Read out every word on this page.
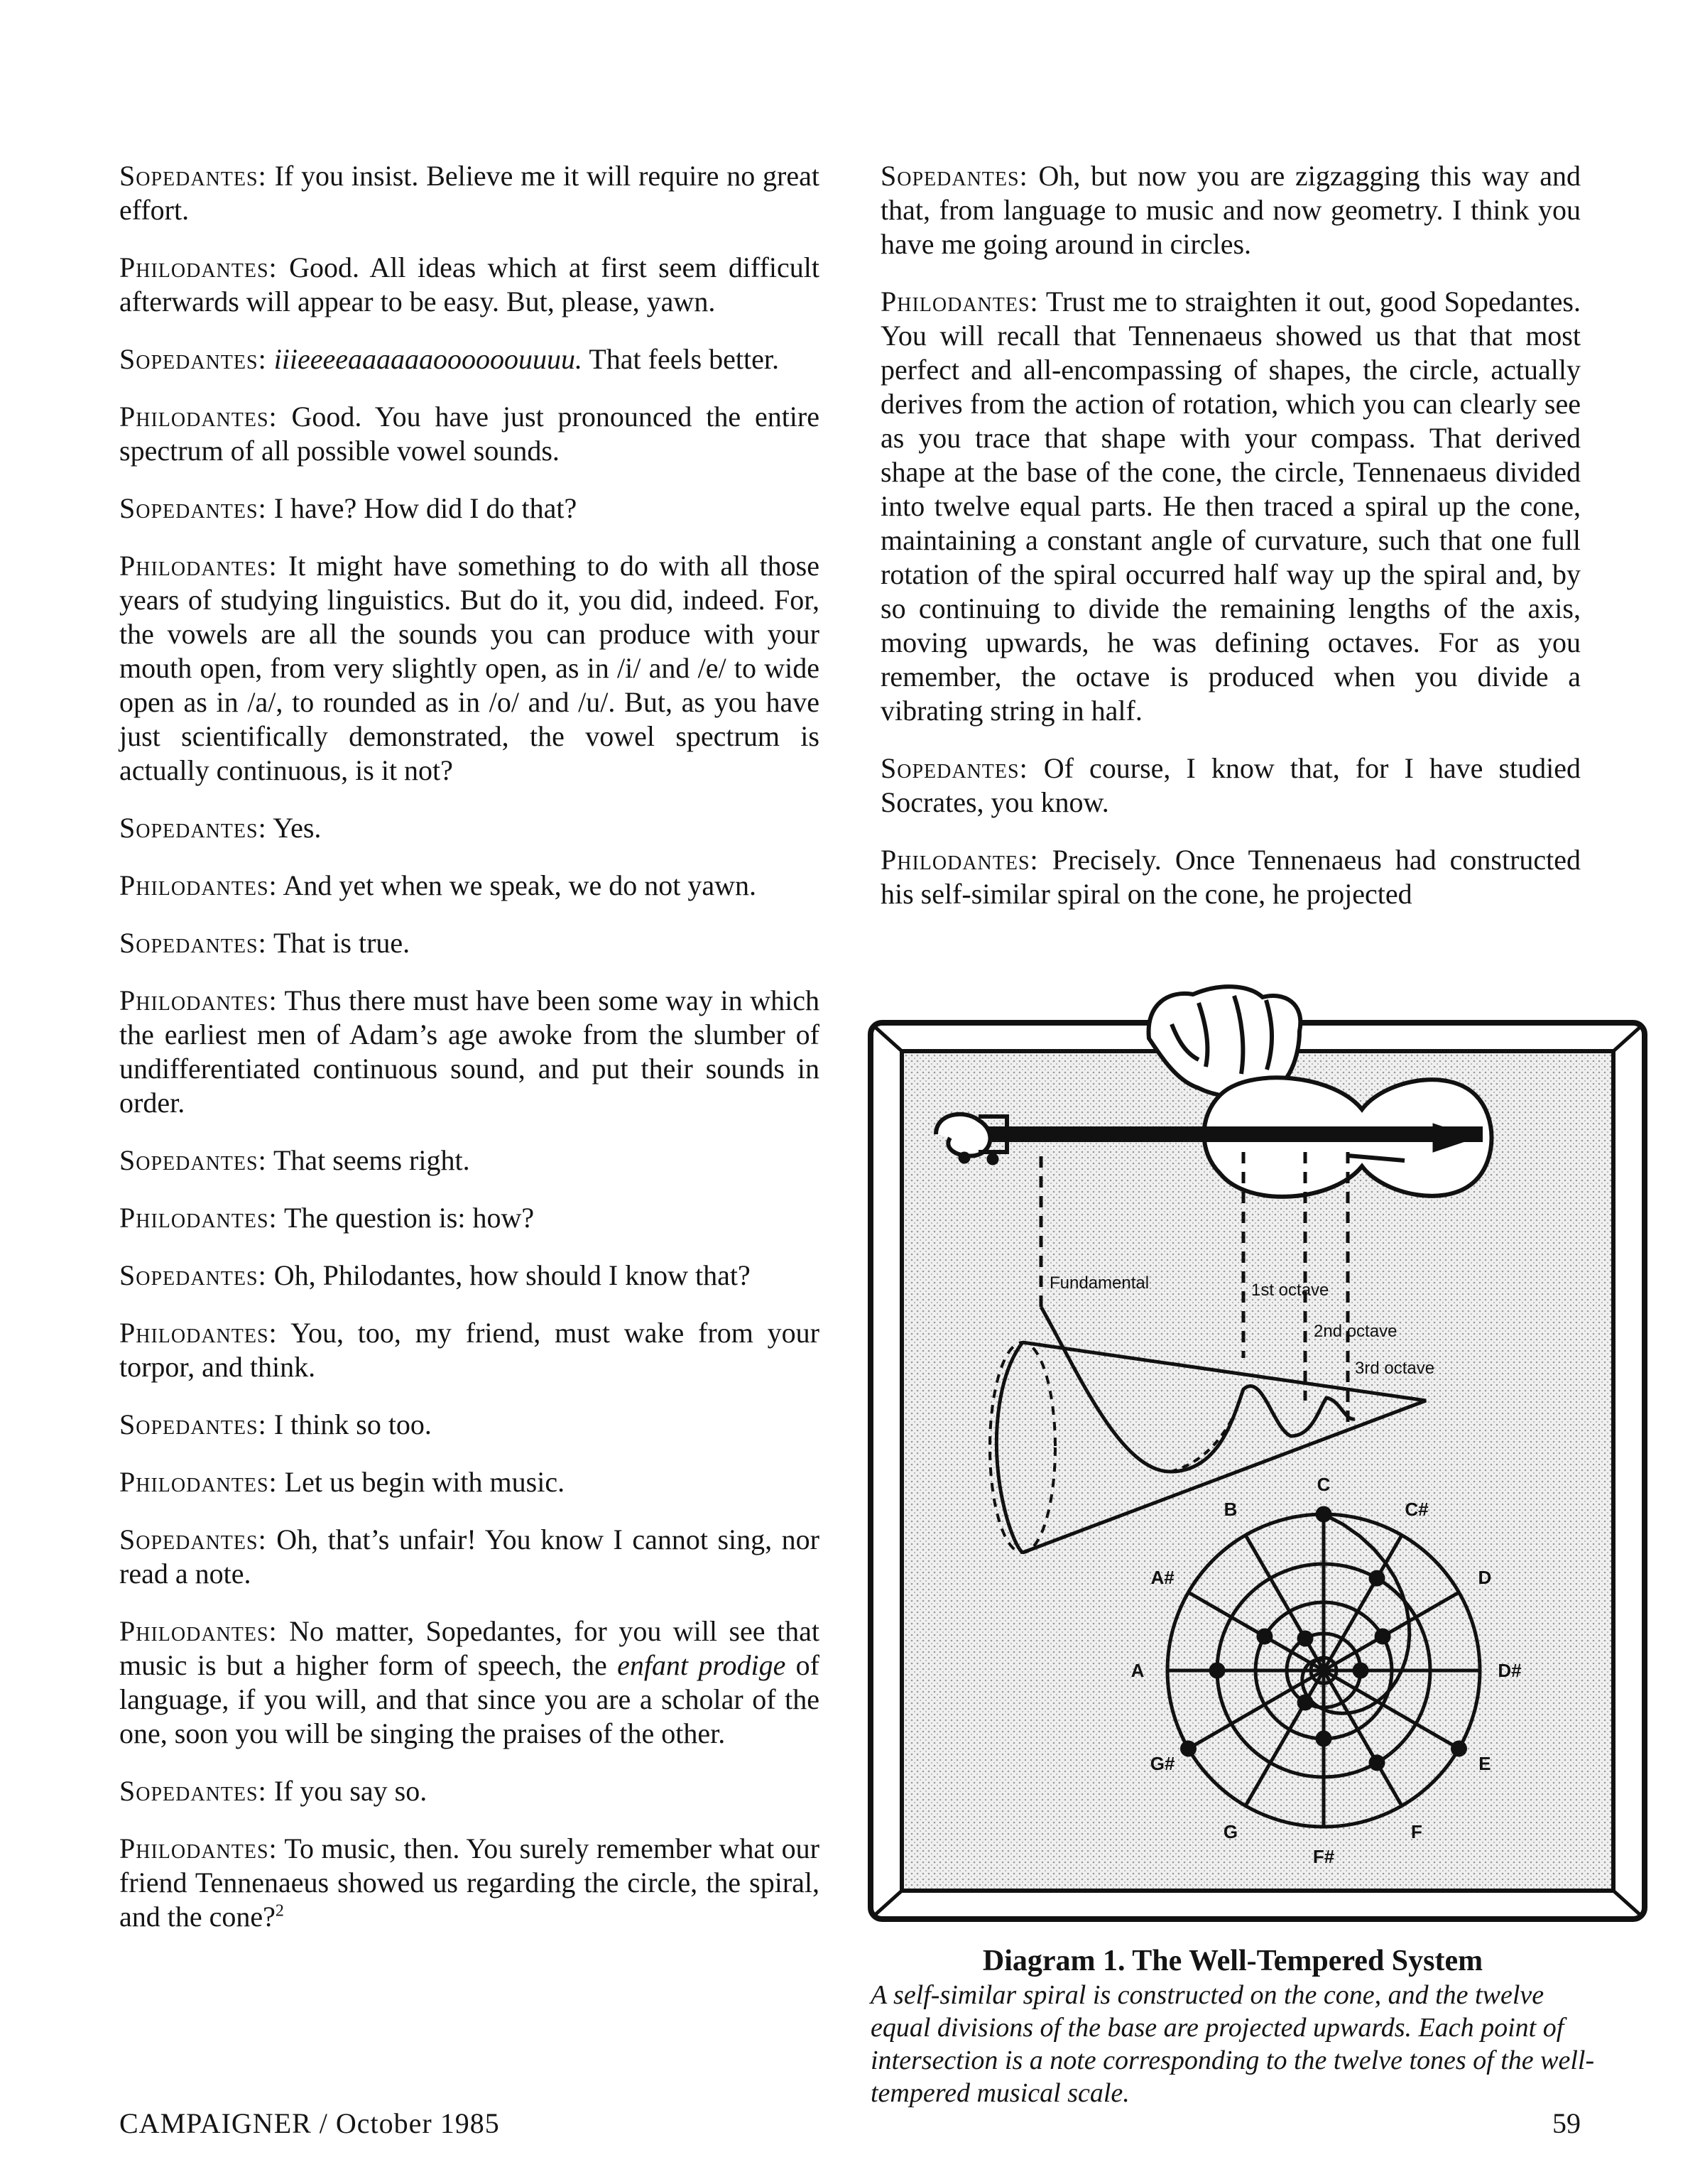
Sopedantes: If you insist. Believe me it will require no great effort.
Philodantes: Good. All ideas which at first seem difficult afterwards will appear to be easy. But, please, yawn.
Sopedantes: iiieeeeaaaaaaoooooouuuu. That feels better.
Philodantes: Good. You have just pronounced the entire spectrum of all possible vowel sounds.
Sopedantes: I have? How did I do that?
Philodantes: It might have something to do with all those years of studying linguistics. But do it, you did, indeed. For, the vowels are all the sounds you can produce with your mouth open, from very slightly open, as in /i/ and /e/ to wide open as in /a/, to rounded as in /o/ and /u/. But, as you have just scientifically demonstrated, the vowel spectrum is actually continuous, is it not?
Sopedantes: Yes.
Philodantes: And yet when we speak, we do not yawn.
Sopedantes: That is true.
Philodantes: Thus there must have been some way in which the earliest men of Adam’s age awoke from the slumber of undifferentiated continuous sound, and put their sounds in order.
Sopedantes: That seems right.
Philodantes: The question is: how?
Sopedantes: Oh, Philodantes, how should I know that?
Philodantes: You, too, my friend, must wake from your torpor, and think.
Sopedantes: I think so too.
Philodantes: Let us begin with music.
Sopedantes: Oh, that’s unfair! You know I cannot sing, nor read a note.
Philodantes: No matter, Sopedantes, for you will see that music is but a higher form of speech, the enfant prodige of language, if you will, and that since you are a scholar of the one, soon you will be singing the praises of the other.
Sopedantes: If you say so.
Philodantes: To music, then. You surely remember what our friend Tennenaeus showed us regarding the circle, the spiral, and the cone?$^2$
Sopedantes: Oh, but now you are zigzagging this way and that, from language to music and now geometry. I think you have me going around in circles.
Philodantes: Trust me to straighten it out, good Sopedantes. You will recall that Tennenaeus showed us that that most perfect and all-encompassing of shapes, the circle, actually derives from the action of rotation, which you can clearly see as you trace that shape with your compass. That derived shape at the base of the cone, the circle, Tennenaeus divided into twelve equal parts. He then traced a spiral up the cone, maintaining a constant angle of curvature, such that one full rotation of the spiral occurred half way up the spiral and, by so continuing to divide the remaining lengths of the axis, moving upwards, he was defining octaves. For as you remember, the octave is produced when you divide a vibrating string in half.
Sopedantes: Of course, I know that, for I have studied Socrates, you know.
Philodantes: Precisely. Once Tennenaeus had constructed his self-similar spiral on the cone, he projected
Fundamental	1st octave
2nd octave
3rd octave
C
C#
D
D#
E
F
F#
G
G#
A
A#
B
Diagram 1. The Well-Tempered System
A self-similar spiral is constructed on the cone, and the twelve equal divisions of the base are projected upwards. Each point of intersection is a note corresponding to the twelve tones of the well-tempered musical scale.
CAMPAIGNER / October 1985	59
